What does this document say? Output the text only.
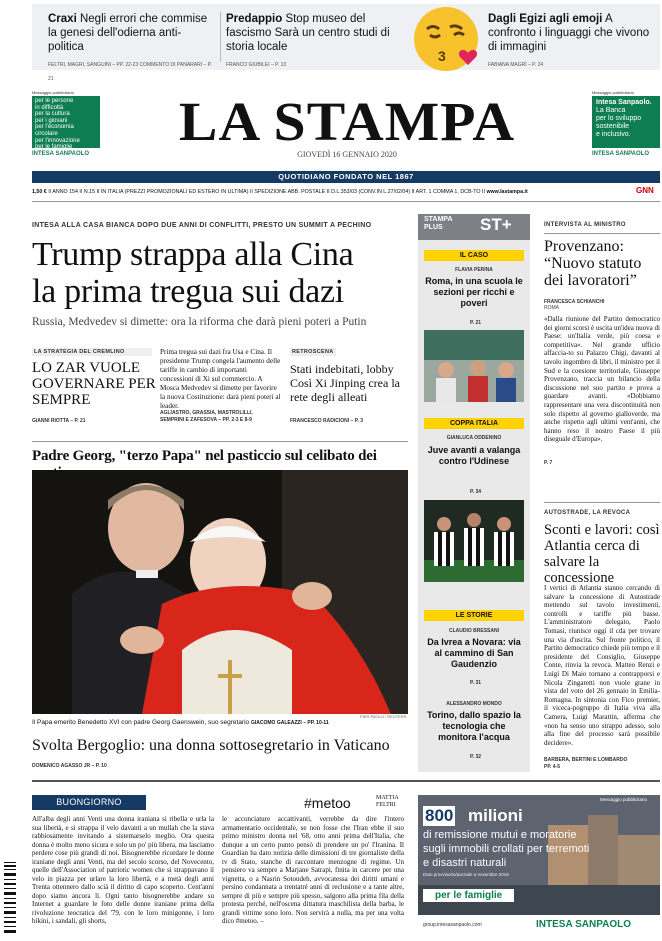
Craxi Negli errori che commise la genesi dell'odierna anti-politica
FELTRI, MAGRI, SANGUINI – PP. 22-23 COMMENTO DI PANARARI – P. 21
Predappio Stop museo del fascismo Sarà un centro studi di storia locale
FRANCO GIUBILEI – P. 13
3
Dagli Egizi agli emoji A confronto i linguaggi che vivono di immagini
FABIANA MAGRÌ – P. 24
Messaggio pubblicitario
per le persone
in difficoltà
per la cultura
per i giovani
per l'economia
circolare
per l'innovazione
per le famiglie
INTESA SANPAOLO
LA STAMPA
GIOVEDÌ 16 GENNAIO 2020
Messaggio pubblicitario
Intesa Sanpaolo.
La Banca
per lo sviluppo
sostenibile
e inclusivo.
INTESA SANPAOLO
QUOTIDIANO FONDATO NEL 1867
1,50 € II ANNO 154 II N.15 II IN ITALIA (PREZZI PROMOZIONALI ED ESTERO IN ULTIMA) II SPEDIZIONE ABB. POSTALE II D.L.353/03 (CONV.IN L.27/02/04) II ART. 1 COMMA 1, DCB-TO II www.lastampa.it	GNN
INTESA ALLA CASA BIANCA DOPO DUE ANNI DI CONFLITTI, PRESTO UN SUMMIT A PECHINO
Trump strappa alla Cina
la prima tregua sui dazi
Russia, Medvedev si dimette: ora la riforma che darà pieni poteri a Putin
LA STRATEGIA DEL CREMLINO
LO ZAR VUOLE GOVERNARE PER SEMPRE
GIANNI RIOTTA – P. 21
Prima tregua sui dazi fra Usa e Cina. Il presidente Trump congela l'aumento delle tariffe in cambio di importanti concessioni di Xi sul commercio. A Mosca Medvedev si dimette per favorire la nuova Costituzione: darà pieni poteri al leader.
AGLIASTRO, GRASSIA, MASTROLILLI,
SEMPRINI E ZAFESOVA – PP. 2-3 E 8-9
RETROSCENA
Stati indebitati, lobby Così Xi Jinping crea la rete degli alleati
FRANCESCO RADICIONI – P. 3
Padre Georg, "terzo Papa" nel pasticcio sul celibato dei
PIER PAOLO / REUTERS
Il Papa emerito Benedetto XVI con padre Georg Gaenswein, suo segretario GIACOMO GALEAZZI – PP. 10-11
Svolta Bergoglio: una donna sottosegretario in Vaticano
DOMENICO AGASSO JR – P. 10
STAMPA
PLUS	ST+
IL CASO
FLAVIA PERINA
Roma, in una scuola le sezioni per ricchi e poveri
P. 21
COPPA ITALIA
GIANLUCA ODDENINO
Juve avanti a valanga contro l'Udinese
P. 34
LE STORIE
CLAUDIO BRESSANI
Da Ivrea a Novara: via al cammino di San Gaudenzio
P. 31
ALESSANDRO MONDO
Torino, dallo spazio la tecnologia che monitora l'acqua
P. 32
INTERVISTA AL MINISTRO
Provenzano: “Nuovo statuto dei lavoratori”
FRANCESCA SCHIANCHI
ROMA
«Dalla riunione del Partito democratico dei giorni scorsi è uscita un'idea nuova di Paese: un'Italia verde, più coesa e competitiva». Nel grande ufficio affaccia-to su Palazzo Chigi, davanti al tavolo ingombro di libri, il ministro per il Sud e la coesione territoriale, Giuseppe Provenzano, traccia un bilancio della discussione nel suo partito e prova a guardare avanti. «Dobbiamo rappresentare una vera discontinuità non solo rispetto al governo gialloverde, ma anche rispetto agli ultimi vent'anni, che hanno reso il nostro Paese il più diseguale d'Europa».
P. 7
AUTOSTRADE, LA REVOCA
Sconti e lavori: così Atlantia cerca di salvare la concessione
I vertici di Atlantia stanno cercando di salvare la concessione di Autostrade mettendo sul tavolo investimenti, controlli e tariffe più basse. L'amministratore delegato, Paolo Tomasi, riunisce oggi il cda per trovare una via d'uscita. Sul fronte politico, il Partito democratico chiede più tempo e il presidente del Consiglio, Giuseppe Conte, rinvia la revoca. Matteo Renzi e Luigi Di Maio tornano a contrapporsi e Nicola Zingaretti non vuole grane in vista del voto del 26 gennaio in Emilia-Romagna. In sintonia con Fico premier, il viceca-pogruppo di Italia viva alla Camera, Luigi Marattin, afferma che «non ha senso uno strappo adesso, solo alla fine del processo sarà possibile decidere».
BARBERA, BERTINI E LOMBARDO
PP. 4-5
BUONGIORNO	#metoo	MATTIA
FELTRI
All'alba degli anni Venti una donna iraniana si ribella e urla la sua libertà, e si strappa il velo davanti a un mullah che la stava rabbiosamente invitando a sistemarselo meglio. Ora questa donna è molto meno sicura e solo un po' più libera, ma lasciamo perdere cose più grandi di noi. Bisognerebbe ricordare le donne iraniane degli anni Venti, ma del secolo scorso, del Novecento, quelle dell'Association of patriotic women che si strappavano il velo in piazza per urlare la loro libertà, e a metà degli anni Trenta ottennero dallo scià il diritto di capo scoperto. Cent'anni dopo siamo ancora lì. Ogni tanto bisognerebbe andare su Internet a guardare le foto delle donne iraniane prima della rivoluzione teocratica del '79, con le loro minigonne, i loro bikini, i sandali, gli shorts,
le acconciature accattivanti, verrebbe da dire l'intero armamentario occidentale, se non fosse che l'Iran ebbe il suo primo ministro donna nel '68, otto anni prima dell'Italia, che dunque a un certo punto pensò di prendere un po' l'Iranina. Il Guardian ha dato notizia delle dimissioni di tre giornaliste della tv di Stato, stanche di raccontare menzogne di regime. Un pensiero va sempre a Marjane Satrapi, finita in carcere per una vignetta, o a Nasrin Sotoudeh, avvocatessa dei diritti umani e persino condannata a trentatré anni di reclusione e a tante altre, sempre di più e sempre più spesso, salgono alla prima fila della protesta perché, nell'oscena dittatura maschilista della barba, le grandi vittime sono loro. Non servirà a nulla, ma per una volta dico #metoo. –
Messaggio pubblicitario
800 milioni
di remissione mutui e moratorie
sugli immobili crollati per terremoti
e disastri naturali
Dato provvisorio/parziale a novembre 2019
per le famiglie
group.intesasanpaolo.com	INTESA SANPAOLO
